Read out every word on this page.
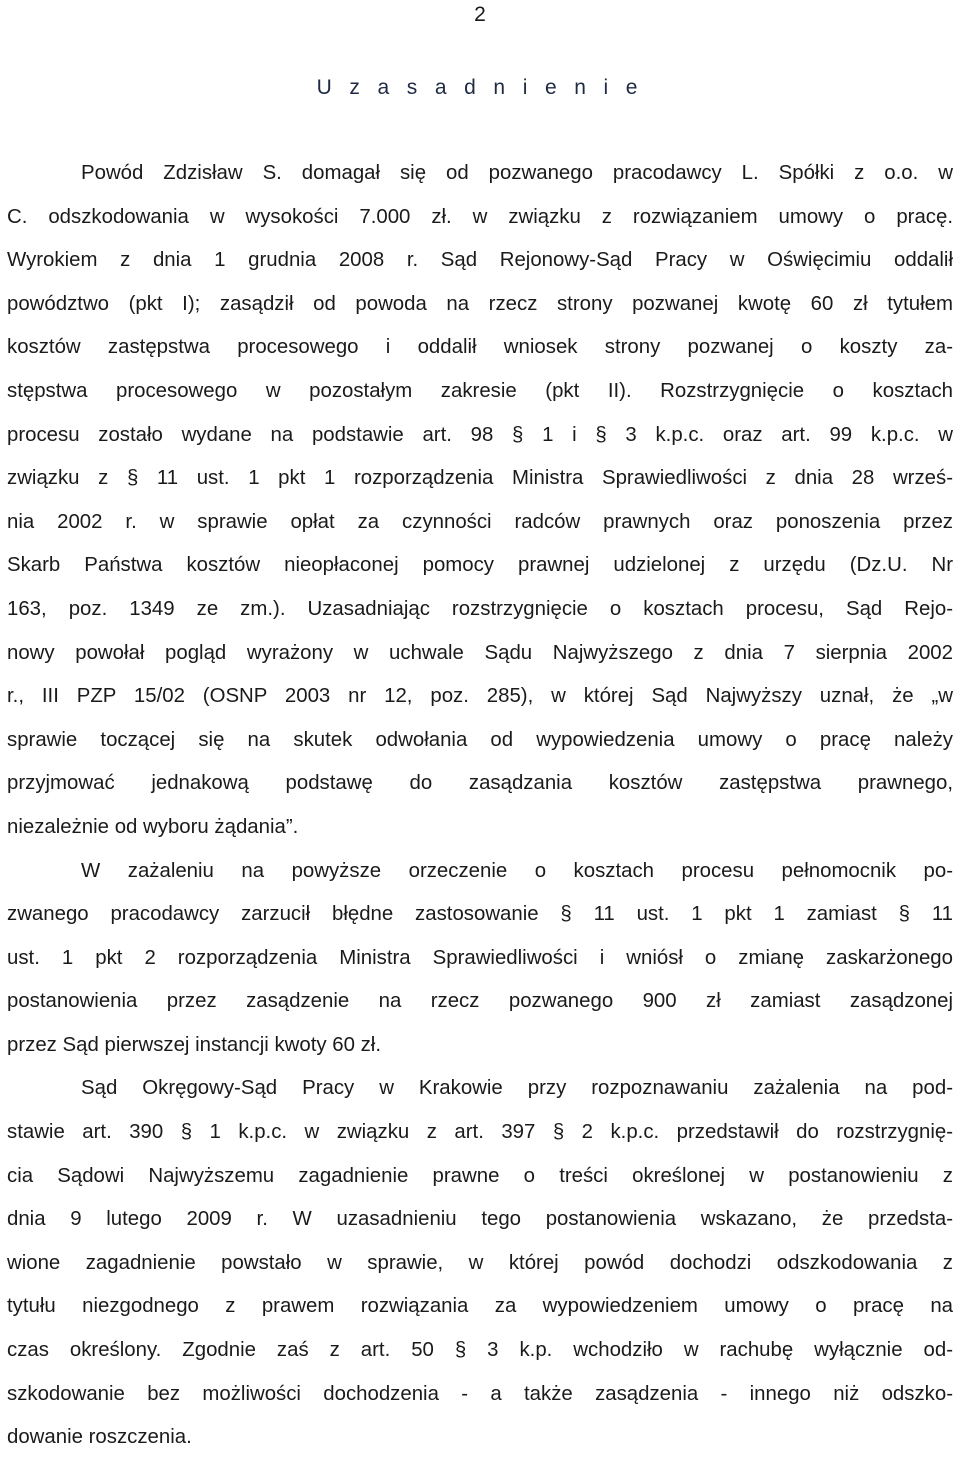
2
U z a s a d n i e n i e
Powód Zdzisław S. domagał się od pozwanego pracodawcy L. Spółki z o.o. w
C. odszkodowania w wysokości 7.000 zł. w związku z rozwiązaniem umowy o pracę.
Wyrokiem z dnia 1 grudnia 2008 r. Sąd Rejonowy-Sąd Pracy w Oświęcimiu oddalił
powództwo (pkt I); zasądził od powoda na rzecz strony pozwanej kwotę 60 zł tytułem
kosztów zastępstwa procesowego i oddalił wniosek strony pozwanej o koszty za-
stępstwa procesowego w pozostałym zakresie (pkt II). Rozstrzygnięcie o kosztach
procesu zostało wydane na podstawie art. 98 § 1 i § 3 k.p.c. oraz art. 99 k.p.c. w
związku z § 11 ust. 1 pkt 1 rozporządzenia Ministra Sprawiedliwości z dnia 28 wrześ-
nia 2002 r. w sprawie opłat za czynności radców prawnych oraz ponoszenia przez
Skarb Państwa kosztów nieopłaconej pomocy prawnej udzielonej z urzędu (Dz.U. Nr
163, poz. 1349 ze zm.). Uzasadniając rozstrzygnięcie o kosztach procesu, Sąd Rejo-
nowy powołał pogląd wyrażony w uchwale Sądu Najwyższego z dnia 7 sierpnia 2002
r., III PZP 15/02 (OSNP 2003 nr 12, poz. 285), w której Sąd Najwyższy uznał, że „w
sprawie toczącej się na skutek odwołania od wypowiedzenia umowy o pracę należy
przyjmować jednakową podstawę do zasądzania kosztów zastępstwa prawnego,
niezależnie od wyboru żądania”.
W zażaleniu na powyższe orzeczenie o kosztach procesu pełnomocnik po-
zwanego pracodawcy zarzucił błędne zastosowanie § 11 ust. 1 pkt 1 zamiast § 11
ust. 1 pkt 2 rozporządzenia Ministra Sprawiedliwości i wniósł o zmianę zaskarżonego
postanowienia przez zasądzenie na rzecz pozwanego 900 zł zamiast zasądzonej
przez Sąd pierwszej instancji kwoty 60 zł.
Sąd Okręgowy-Sąd Pracy w Krakowie przy rozpoznawaniu zażalenia na pod-
stawie art. 390 § 1 k.p.c. w związku z art. 397 § 2 k.p.c. przedstawił do rozstrzygnię-
cia Sądowi Najwyższemu zagadnienie prawne o treści określonej w postanowieniu z
dnia 9 lutego 2009 r. W uzasadnieniu tego postanowienia wskazano, że przedsta-
wione zagadnienie powstało w sprawie, w której powód dochodzi odszkodowania z
tytułu niezgodnego z prawem rozwiązania za wypowiedzeniem umowy o pracę na
czas określony. Zgodnie zaś z art. 50 § 3 k.p. wchodziło w rachubę wyłącznie od-
szkodowanie bez możliwości dochodzenia - a także zasądzenia - innego niż odszko-
dowanie roszczenia.
